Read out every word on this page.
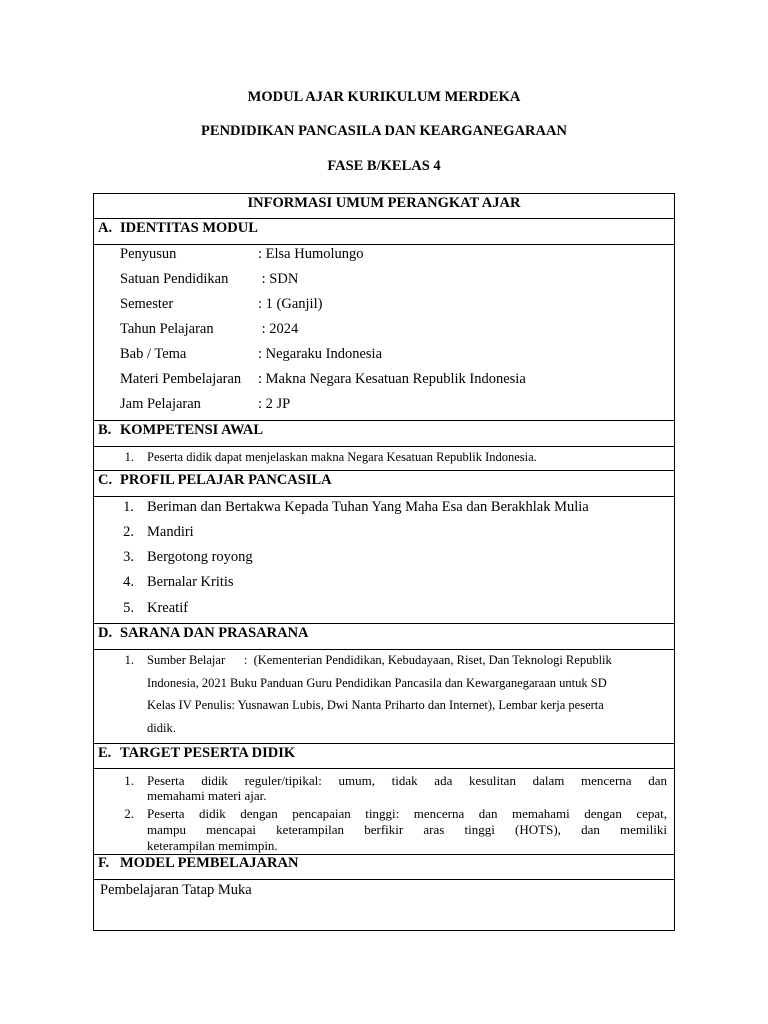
MODUL AJAR KURIKULUM MERDEKA
PENDIDIKAN PANCASILA DAN KEARGANEGARAAN
FASE B/KELAS 4
INFORMASI UMUM PERANGKAT AJAR
A. IDENTITAS MODUL
Penyusun	: Elsa Humolungo
Satuan Pendidikan : SDN
Semester	: 1 (Ganjil)
Tahun Pelajaran	: 2024
Bab / Tema	: Negaraku Indonesia
Materi Pembelajaran : Makna Negara Kesatuan Republik Indonesia
Jam Pelajaran	: 2 JP
B. KOMPETENSI AWAL
1. Peserta didik dapat menjelaskan makna Negara Kesatuan Republik Indonesia.
C. PROFIL PELAJAR PANCASILA
1. Beriman dan Bertakwa Kepada Tuhan Yang Maha Esa dan Berakhlak Mulia
2. Mandiri
3. Bergotong royong
4. Bernalar Kritis
5. Kreatif
D. SARANA DAN PRASARANA
1. Sumber Belajar      :  (Kementerian Pendidikan, Kebudayaan, Riset, Dan Teknologi Republik
Indonesia, 2021 Buku Panduan Guru Pendidikan Pancasila dan Kewarganegaraan untuk SD
Kelas IV Penulis: Yusnawan Lubis, Dwi Nanta Priharto dan Internet), Lembar kerja peserta
didik.
E. TARGET PESERTA DIDIK
1. Peserta didik reguler/tipikal: umum, tidak ada kesulitan dalam mencerna dan
memahami materi ajar.
2. Peserta didik dengan pencapaian tinggi: mencerna dan memahami dengan cepat,
mampu mencapai keterampilan berfikir aras tinggi (HOTS), dan memiliki
keterampilan memimpin.
F. MODEL PEMBELAJARAN
Pembelajaran Tatap Muka
